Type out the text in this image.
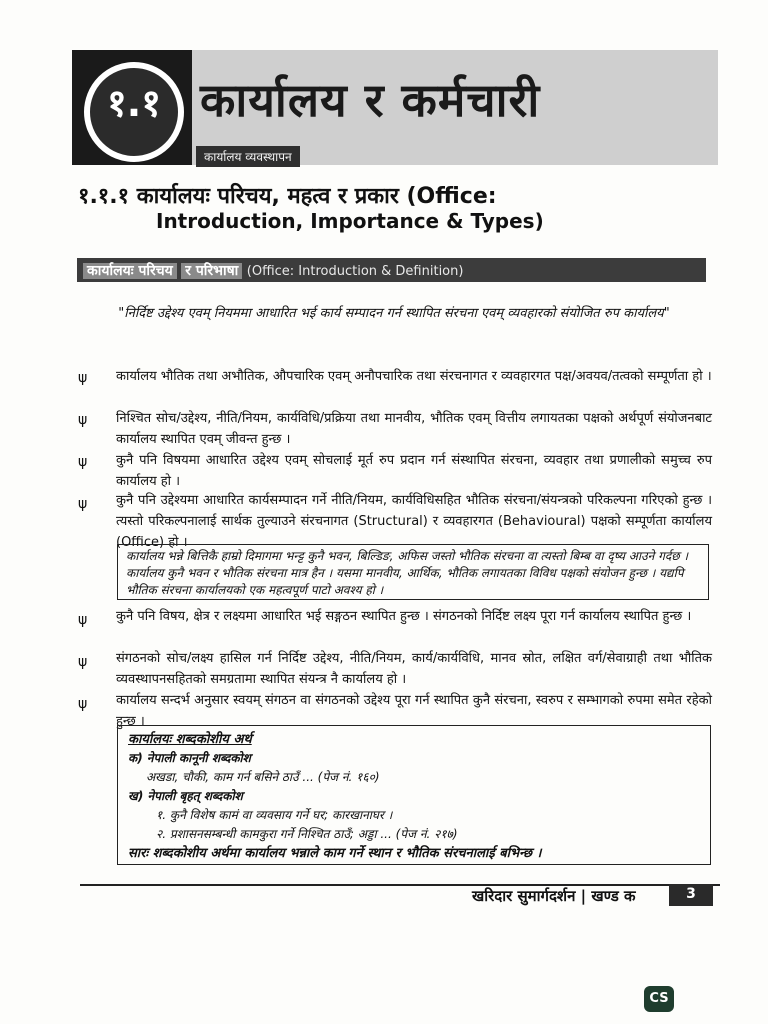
१.१ कार्यालय र कर्मचारी
कार्यालय व्यवस्थापन
१.१.१ कार्यालयः परिचय, महत्व र प्रकार (Office:
Introduction, Importance & Types)
कार्यालयः परिचय र परिभाषा (Office: Introduction & Definition)
"निर्दिष्ट उद्देश्य एवम् नियममा आधारित भई कार्य सम्पादन गर्न स्थापित संरचना एवम् व्यवहारको संयोजित रुप कार्यालय"
ψ कार्यालय भौतिक तथा अभौतिक, औपचारिक एवम् अनौपचारिक तथा संरचनागत र व्यवहारगत पक्ष/अवयव/तत्वको सम्पूर्णता हो ।
ψ निश्चित सोच/उद्देश्य, नीति/नियम, कार्यविधि/प्रक्रिया तथा मानवीय, भौतिक एवम् वित्तीय लगायतका पक्षको अर्थपूर्ण संयोजनबाट कार्यालय स्थापित एवम् जीवन्त हुन्छ ।
ψ कुनै पनि विषयमा आधारित उद्देश्य एवम् सोचलाई मूर्त रुप प्रदान गर्न संस्थापित संरचना, व्यवहार तथा प्रणालीको समुच्च रुप कार्यालय हो ।
ψ कुनै पनि उद्देश्यमा आधारित कार्यसम्पादन गर्ने नीति/नियम, कार्यविधिसहित भौतिक संरचना/संयन्त्रको परिकल्पना गरिएको हुन्छ । त्यस्तो परिकल्पनालाई सार्थक तुल्याउने संरचनागत (Structural) र व्यवहारगत (Behavioural) पक्षको सम्पूर्णता कार्यालय (Office) हो ।
कार्यालय भन्ने बित्तिकै हाम्रो दिमागमा भन्ट्ट कुनै भवन, बिल्डिङ, अफिस जस्तो भौतिक संरचना वा त्यस्तो बिम्ब वा दृष्य आउने गर्दछ । कार्यालय कुनै भवन र भौतिक संरचना मात्र हैन । यसमा मानवीय, आर्थिक, भौतिक लगायतका विविध पक्षको संयोजन हुन्छ । यद्यपि भौतिक संरचना कार्यालयको एक महत्वपूर्ण पाटो अवश्य हो ।
ψ कुनै पनि विषय, क्षेत्र र लक्ष्यमा आधारित भई सङ्गठन स्थापित हुन्छ । संगठनको निर्दिष्ट लक्ष्य पूरा गर्न कार्यालय स्थापित हुन्छ ।
ψ संगठनको सोच/लक्ष्य हासिल गर्न निर्दिष्ट उद्देश्य, नीति/नियम, कार्य/कार्यविधि, मानव स्रोत, लक्षित वर्ग/सेवाग्राही तथा भौतिक व्यवस्थापनसहितको समग्रतामा स्थापित संयन्त्र नै कार्यालय हो ।
ψ कार्यालय सन्दर्भ अनुसार स्वयम् संगठन वा संगठनको उद्देश्य पूरा गर्न स्थापित कुनै संरचना, स्वरुप र सम्भागको रुपमा समेत रहेको हुन्छ ।
कार्यालयः शब्दकोशीय अर्थ
क) नेपाली कानूनी शब्दकोश
अखडा, चौकी, काम गर्न बसिने ठाउँ ... (पेज नं. १६०)
ख) नेपाली बृहत् शब्दकोश
१. कुनै विशेष कामं वा व्यवसाय गर्ने घर; कारखानाघर ।
२. प्रशासनसम्बन्धी कामकुरा गर्ने निश्चित ठाउँ; अड्डा ... (पेज नं. २१७)
सारः शब्दकोशीय अर्थमा कार्यालय भन्नाले काम गर्ने स्थान र भौतिक संरचनालाई बभिन्छ ।
खरिदार सुमार्गदर्शन | खण्ड क	3
CS
